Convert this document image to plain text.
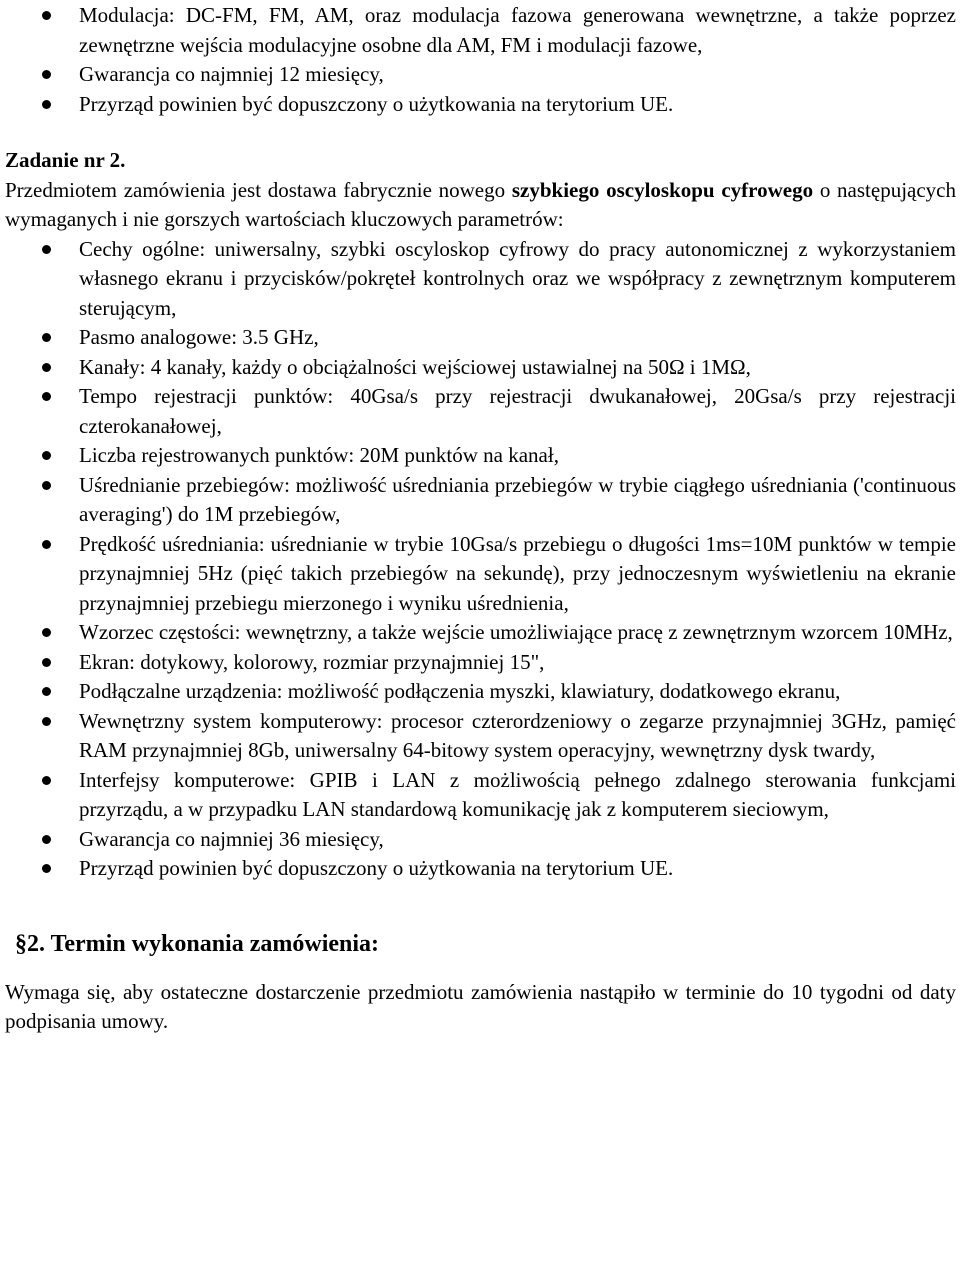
Modulacja: DC-FM, FM, AM, oraz modulacja fazowa generowana wewnętrzne, a także poprzez zewnętrzne wejścia modulacyjne osobne dla AM, FM i modulacji fazowe,
Gwarancja co najmniej 12 miesięcy,
Przyrząd powinien być dopuszczony o użytkowania na terytorium UE.
Zadanie nr 2.
Przedmiotem zamówienia jest dostawa fabrycznie nowego szybkiego oscyloskopu cyfrowego o następujących wymaganych i nie gorszych wartościach kluczowych parametrów:
Cechy ogólne: uniwersalny, szybki oscyloskop cyfrowy do pracy autonomicznej z wykorzystaniem własnego ekranu i przycisków/pokręteł kontrolnych oraz we współpracy z zewnętrznym komputerem sterującym,
Pasmo analogowe: 3.5 GHz,
Kanały: 4 kanały, każdy o obciążalności wejściowej ustawialnej na 50Ω i 1MΩ,
Tempo rejestracji punktów: 40Gsa/s przy rejestracji dwukanałowej, 20Gsa/s przy rejestracji czterokanałowej,
Liczba rejestrowanych punktów: 20M punktów na kanał,
Uśrednianie przebiegów: możliwość uśredniania przebiegów w trybie ciągłego uśredniania ('continuous averaging') do 1M przebiegów,
Prędkość uśredniania: uśrednianie w trybie 10Gsa/s przebiegu o długości 1ms=10M punktów w tempie przynajmniej 5Hz (pięć takich przebiegów na sekundę), przy jednoczesnym wyświetleniu na ekranie przynajmniej przebiegu mierzonego i wyniku uśrednienia,
Wzorzec częstości: wewnętrzny, a także wejście umożliwiające pracę z zewnętrznym wzorcem 10MHz,
Ekran: dotykowy, kolorowy, rozmiar przynajmniej 15",
Podłączalne urządzenia: możliwość podłączenia myszki, klawiatury, dodatkowego ekranu,
Wewnętrzny system komputerowy: procesor czterordzeniowy o zegarze przynajmniej 3GHz, pamięć RAM przynajmniej 8Gb, uniwersalny 64-bitowy system operacyjny, wewnętrzny dysk twardy,
Interfejsy komputerowe: GPIB i LAN z możliwością pełnego zdalnego sterowania funkcjami przyrządu, a w przypadku LAN standardową komunikację jak z komputerem sieciowym,
Gwarancja co najmniej 36 miesięcy,
Przyrząd powinien być dopuszczony o użytkowania na terytorium UE.
§2. Termin wykonania zamówienia:
Wymaga się, aby ostateczne dostarczenie przedmiotu zamówienia nastąpiło w terminie do 10 tygodni od daty podpisania umowy.
